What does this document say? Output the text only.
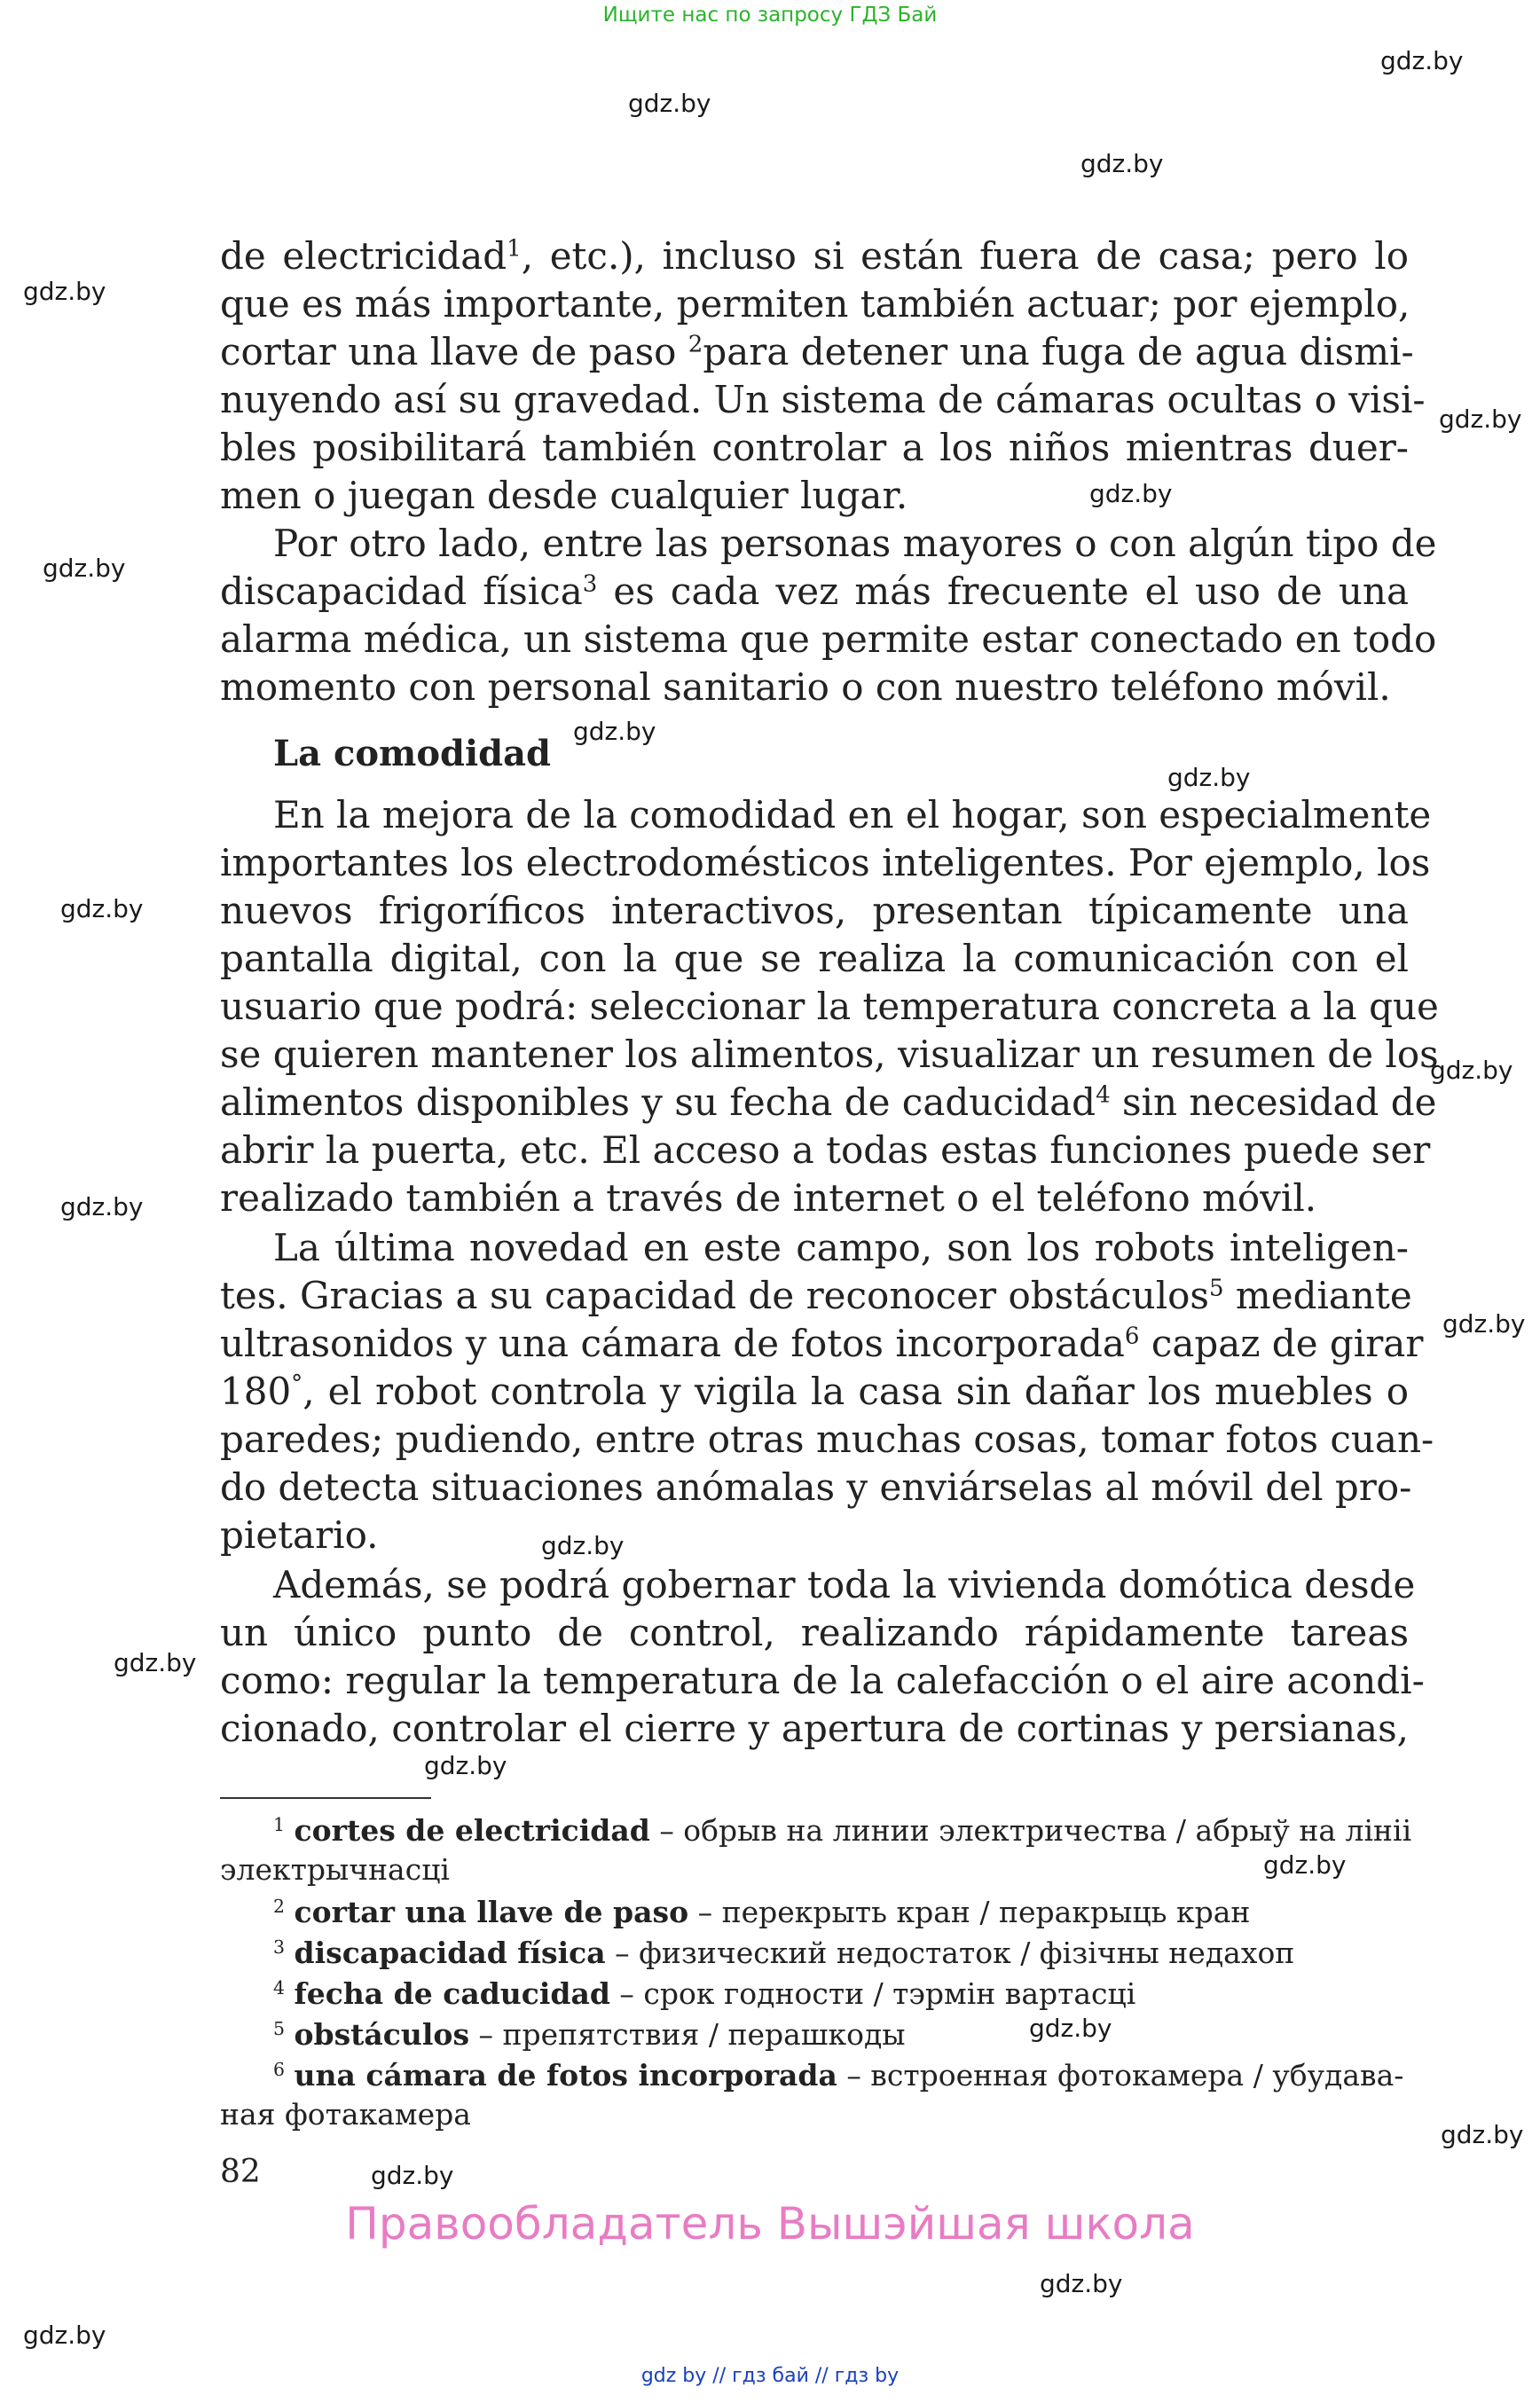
Ищите нас по запросу ГДЗ Бай
gdz.by
gdz.by
gdz.by
gdz.by
gdz.by
gdz.by
gdz.by
gdz.by
gdz.by
gdz.by
gdz.by
gdz.by
gdz.by
gdz.by
gdz.by
gdz.by
gdz.by
gdz.by
gdz.by
gdz.by
gdz.by
gdz.by
de electricidad$^1$, etc.), incluso si están fuera de casa; pero lo
que es más importante, permiten también actuar; por ejemplo,
cortar una llave de paso $^2$para detener una fuga de agua dismi-
nuyendo así su gravedad. Un sistema de cámaras ocultas o visi-
bles posibilitará también controlar a los niños mientras duer-
men o juegan desde cualquier lugar.
Por otro lado, entre las personas mayores o con algún tipo de
discapacidad física$^3$ es cada vez más frecuente el uso de una
alarma médica, un sistema que permite estar conectado en todo
momento con personal sanitario o con nuestro teléfono móvil.
La comodidad
En la mejora de la comodidad en el hogar, son especialmente
importantes los electrodomésticos inteligentes. Por ejemplo, los
nuevos frigoríficos interactivos, presentan típicamente una
pantalla digital, con la que se realiza la comunicación con el
usuario que podrá: seleccionar la temperatura concreta a la que
se quieren mantener los alimentos, visualizar un resumen de los
alimentos disponibles y su fecha de caducidad$^4$ sin necesidad de
abrir la puerta, etc. El acceso a todas estas funciones puede ser
realizado también a través de internet o el teléfono móvil.
La última novedad en este campo, son los robots inteligen-
tes. Gracias a su capacidad de reconocer obstáculos$^5$ mediante
ultrasonidos y una cámara de fotos incorporada$^6$ capaz de girar
180°, el robot controla y vigila la casa sin dañar los muebles o
paredes; pudiendo, entre otras muchas cosas, tomar fotos cuan-
do detecta situaciones anómalas y enviárselas al móvil del pro-
pietario.
Además, se podrá gobernar toda la vivienda domótica desde
un único punto de control, realizando rápidamente tareas
como: regular la temperatura de la calefacción o el aire acondi-
cionado, controlar el cierre y apertura de cortinas y persianas,
$^1$ cortes de electricidad – обрыв на линии электричества / абрыў на лініі
электрычнасці
$^2$ cortar una llave de paso – перекрыть кран / перакрыць кран
$^3$ discapacidad física – физический недостаток / фізічны недахоп
$^4$ fecha de caducidad – срок годности / тэрмін вартасці
$^5$ obstáculos – препятствия / перашкоды
$^6$ una cámara de fotos incorporada – встроенная фотокамера / убудава-
ная фотакамера
82
Правообладатель Вышэйшая школа
gdz by // гдз бай // гдз by
